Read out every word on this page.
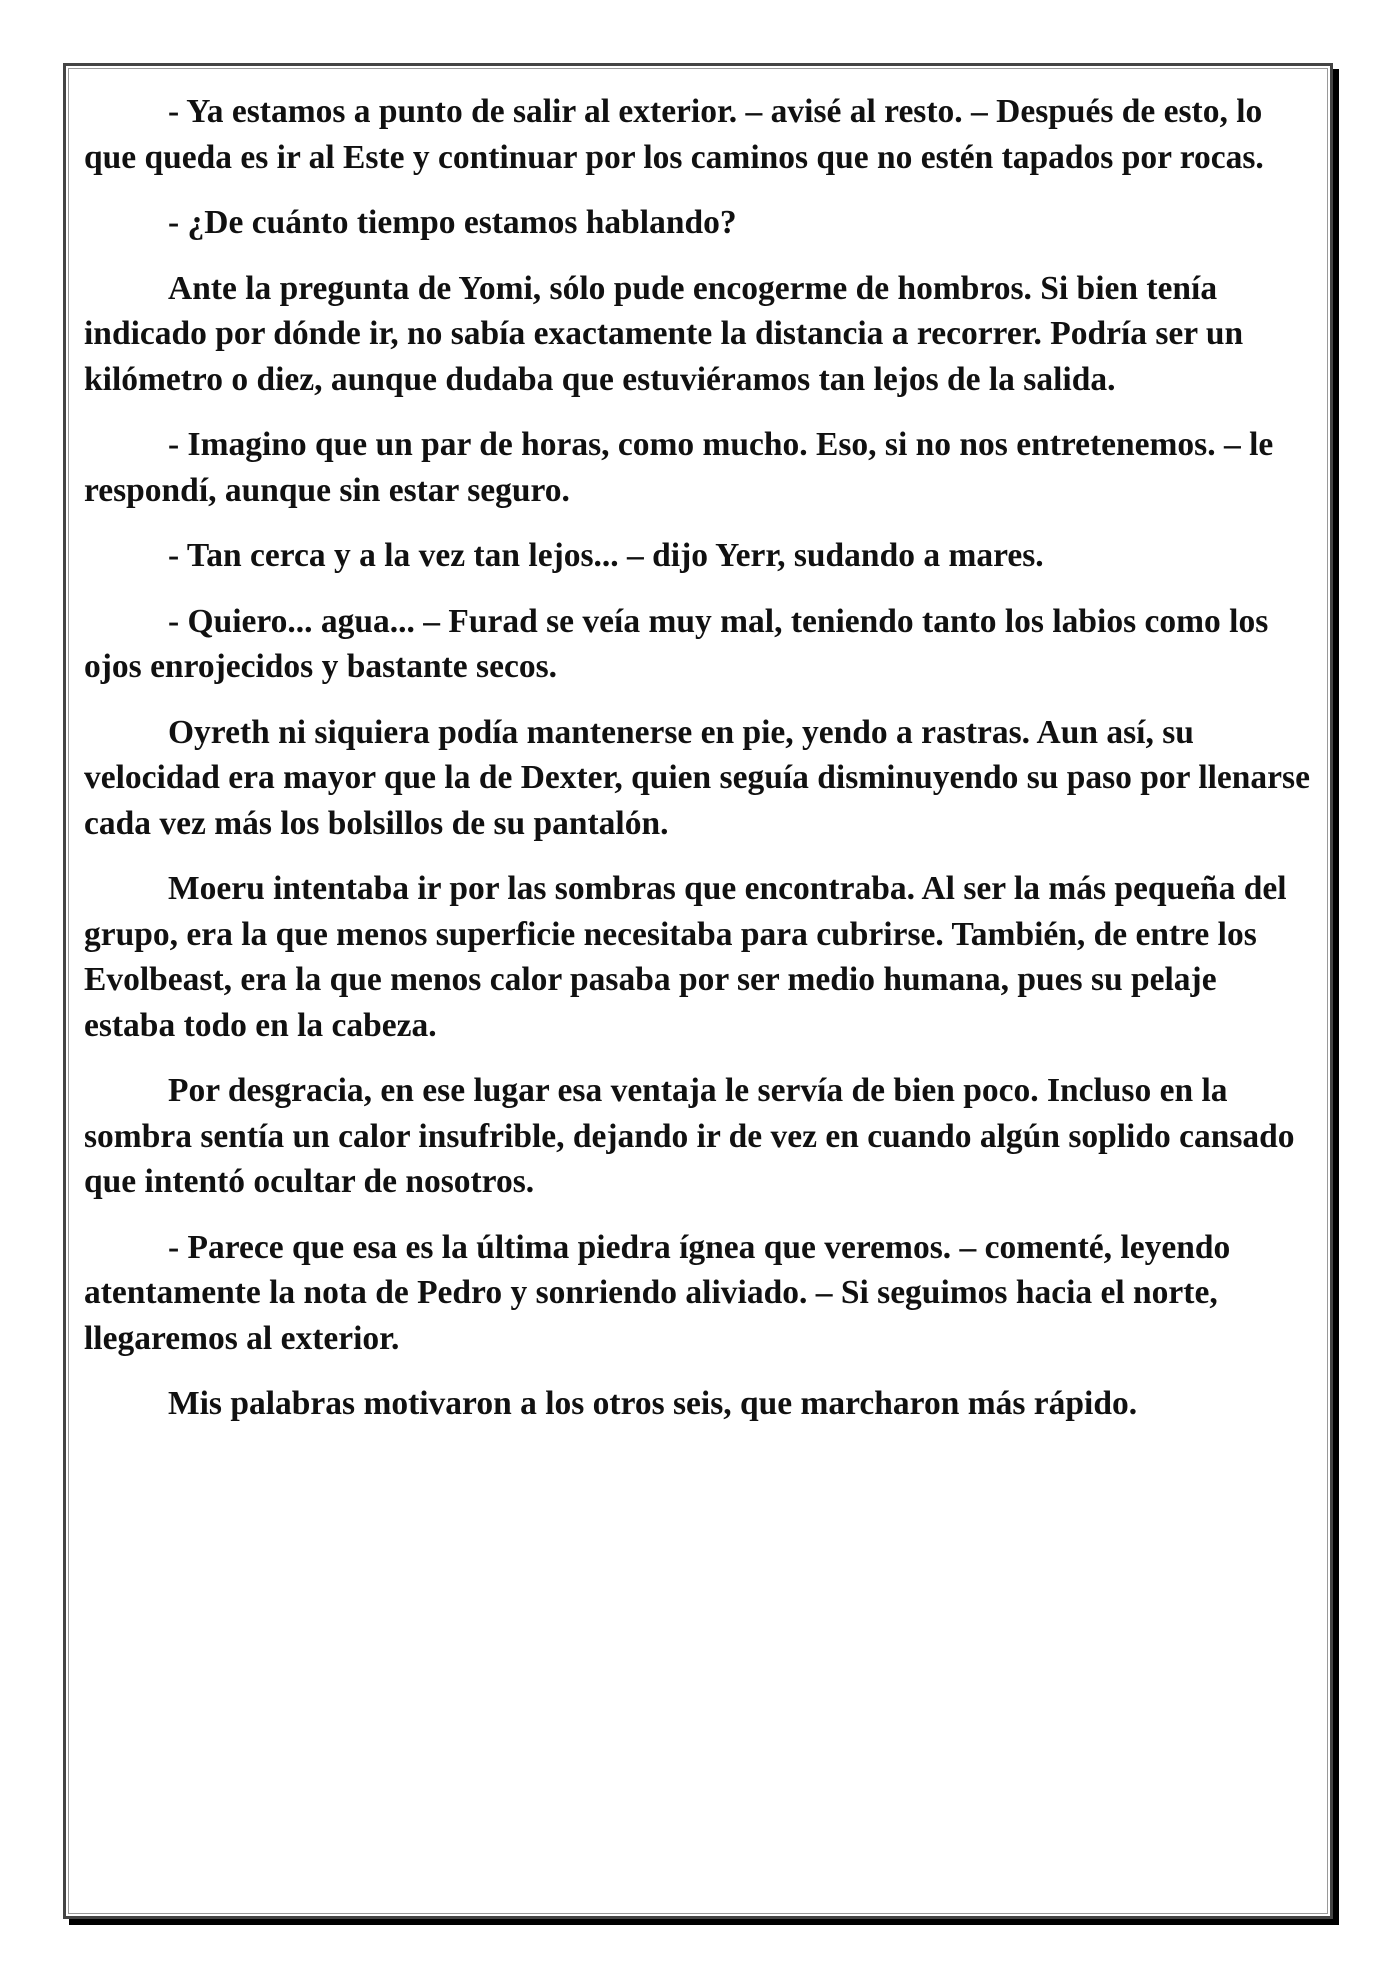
- Ya estamos a punto de salir al exterior. – avisé al resto. – Después de esto, lo que queda es ir al Este y continuar por los caminos que no estén tapados por rocas.

- ¿De cuánto tiempo estamos hablando?

Ante la pregunta de Yomi, sólo pude encogerme de hombros. Si bien tenía indicado por dónde ir, no sabía exactamente la distancia a recorrer. Podría ser un kilómetro o diez, aunque dudaba que estuviéramos tan lejos de la salida.

- Imagino que un par de horas, como mucho. Eso, si no nos entretenemos. – le respondí, aunque sin estar seguro.

- Tan cerca y a la vez tan lejos... – dijo Yerr, sudando a mares.

- Quiero... agua... – Furad se veía muy mal, teniendo tanto los labios como los ojos enrojecidos y bastante secos.

Oyreth ni siquiera podía mantenerse en pie, yendo a rastras. Aun así, su velocidad era mayor que la de Dexter, quien seguía disminuyendo su paso por llenarse cada vez más los bolsillos de su pantalón.

Moeru intentaba ir por las sombras que encontraba. Al ser la más pequeña del grupo, era la que menos superficie necesitaba para cubrirse. También, de entre los Evolbeast, era la que menos calor pasaba por ser medio humana, pues su pelaje estaba todo en la cabeza.

Por desgracia, en ese lugar esa ventaja le servía de bien poco. Incluso en la sombra sentía un calor insufrible, dejando ir de vez en cuando algún soplido cansado que intentó ocultar de nosotros.

- Parece que esa es la última piedra ígnea que veremos. – comenté, leyendo atentamente la nota de Pedro y sonriendo aliviado. – Si seguimos hacia el norte, llegaremos al exterior.

Mis palabras motivaron a los otros seis, que marcharon más rápido.
